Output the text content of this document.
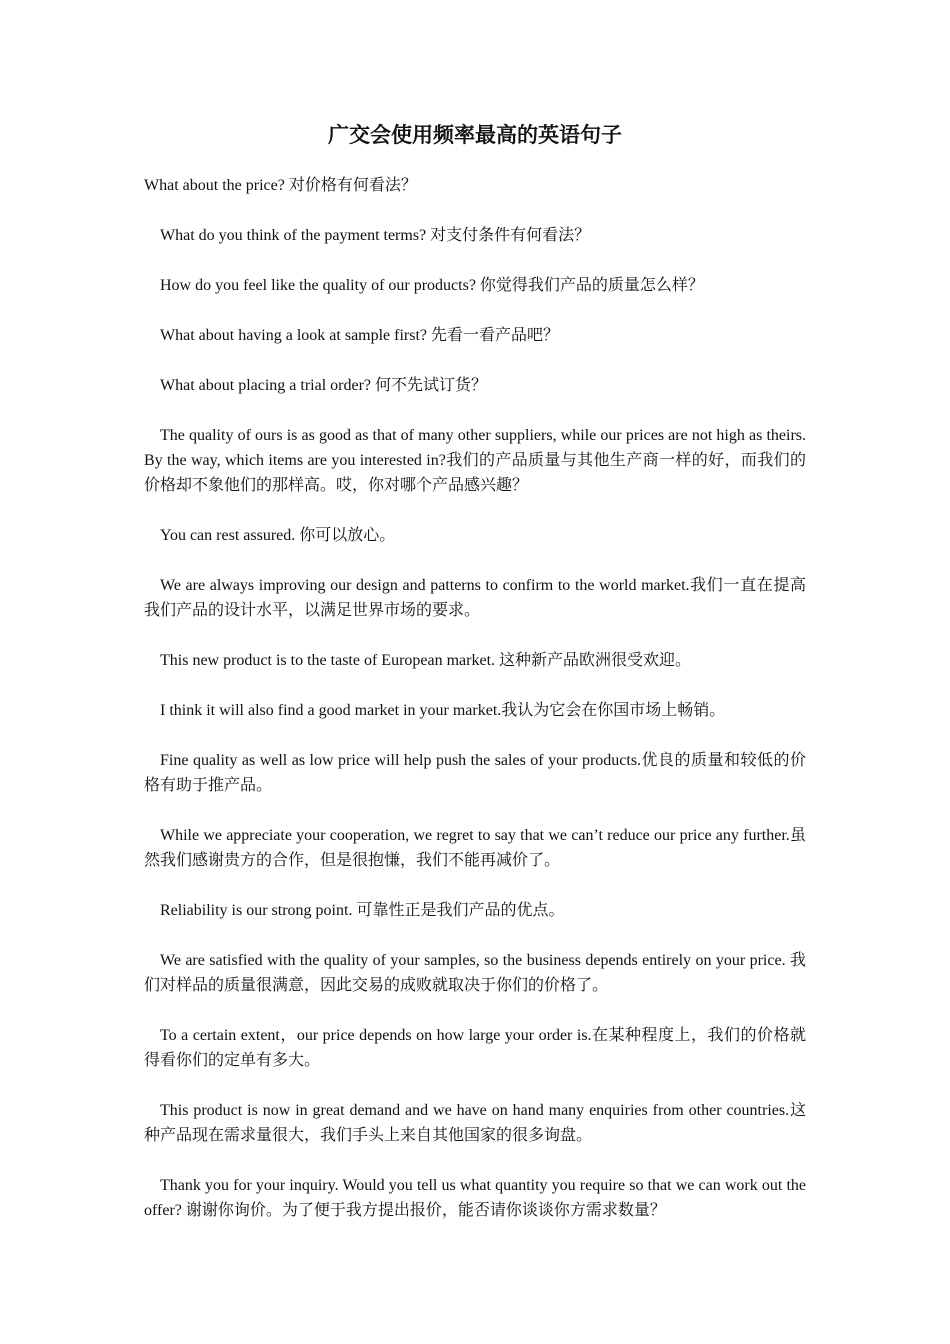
广交会使用频率最高的英语句子

What about the price? 对价格有何看法？

What do you think of the payment terms? 对支付条件有何看法？

How do you feel like the quality of our products? 你觉得我们产品的质量怎么样？

What about having a look at sample first? 先看一看产品吧？

What about placing a trial order? 何不先试订货？

The quality of ours is as good as that of many other suppliers, while our prices are not high as theirs. By the way, which items are you interested in?我们的产品质量与其他生产商一样的好，而我们的价格却不象他们的那样高。哎，你对哪个产品感兴趣？

You can rest assured. 你可以放心。

We are always improving our design and patterns to confirm to the world market.我们一直在提高我们产品的设计水平，以满足世界市场的要求。

This new product is to the taste of European market. 这种新产品欧洲很受欢迎。

I think it will also find a good market in your market.我认为它会在你国市场上畅销。

Fine quality as well as low price will help push the sales of your products.优良的质量和较低的价格有助于推产品。

While we appreciate your cooperation, we regret to say that we can’t reduce our price any further.虽然我们感谢贵方的合作，但是很抱慊，我们不能再减价了。

Reliability is our strong point. 可靠性正是我们产品的优点。

We are satisfied with the quality of your samples, so the business depends entirely on your price. 我们对样品的质量很满意，因此交易的成败就取决于你们的价格了。

To a certain extent，our price depends on how large your order is.在某种程度上，我们的价格就得看你们的定单有多大。

This product is now in great demand and we have on hand many enquiries from other countries.这种产品现在需求量很大，我们手头上来自其他国家的很多询盘。

Thank you for your inquiry. Would you tell us what quantity you require so that we can work out the offer? 谢谢你询价。为了便于我方提出报价，能否请你谈谈你方需求数量？
